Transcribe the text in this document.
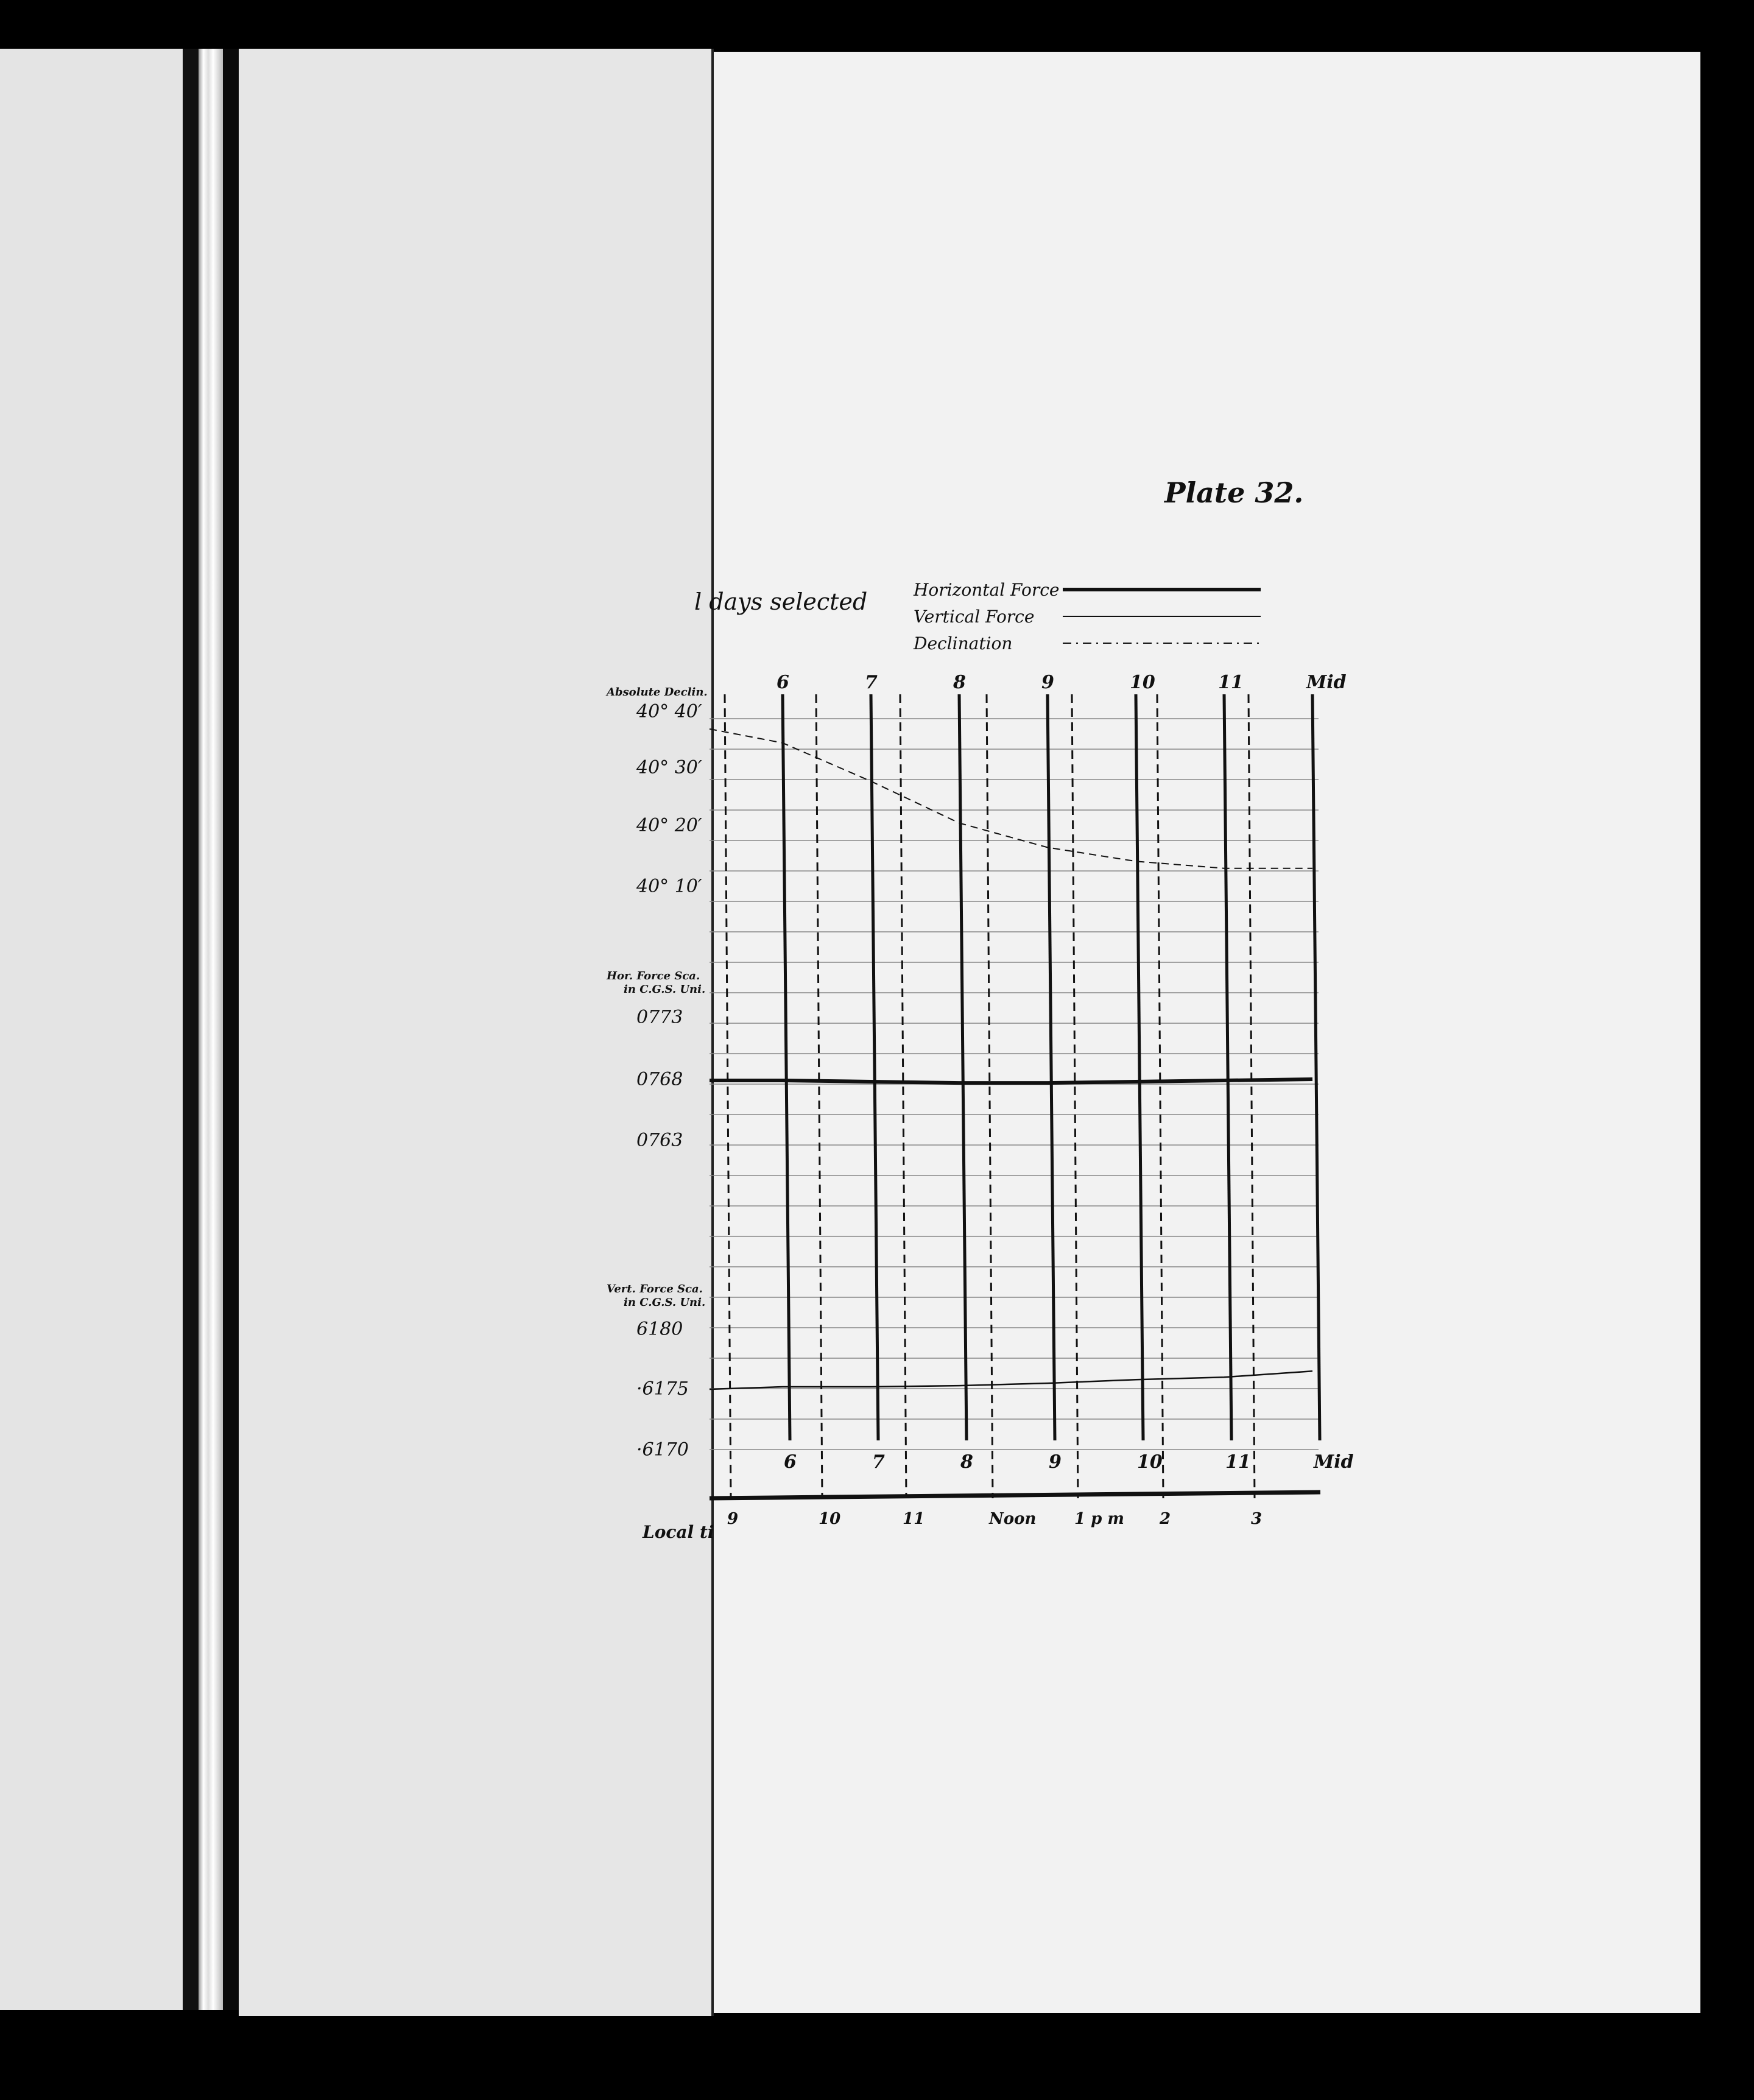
Plate 32.
l days selected	Horizontal Force
Vertical Force
Declination
6	7	8	9	10	11	Mid
6	7	8	9	10	11	Mid
9	10	11	Noon 1 p m 2	3
Local ti
Absolute Declin.
40° 40′
40° 30′
40° 20′
40° 10′
Hor. Force Sca.
in C.G.S. Uni.
0773
0768
0763
Vert. Force Sca.
in C.G.S. Uni.
6180
·6175
·6170
